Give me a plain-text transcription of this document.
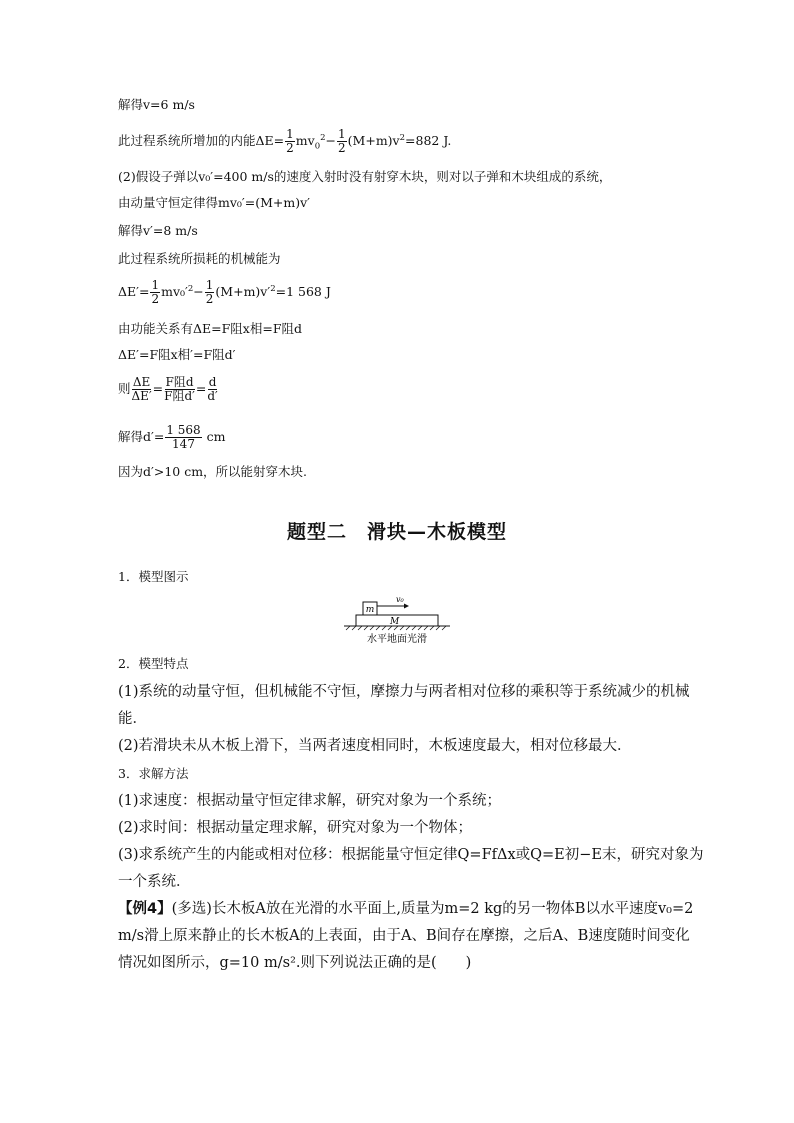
解得v=6 m/s
此过程系统所增加的内能$\Delta E= \frac{1}{2} mv_0^2- \frac{1}{2} (M+m)v^2=882$ J.
(2)假设子弹以v₀′=400 m/s的速度入射时没有射穿木块，则对以子弹和木块组成的系统，
由动量守恒定律得mv₀′=(M+m)v′
解得v′=8 m/s
此过程系统所损耗的机械能为
$\Delta E'= \frac{1}{2} mv_0'^2- \frac{1}{2} (M+m)v'^2=1$ 568 J
由功能关系有ΔE=F阻x相=F阻d
ΔE′=F阻x相′=F阻d′
则 $\frac{\Delta E}{\Delta E'} = \frac{\text{F阻d}}{\text{F阻d′}} = \frac{d}{d'}$
解得$d'= \frac{1 568}{147}$ cm
因为d′>10 cm，所以能射穿木块.
题型二　滑块—木板模型
1．模型图示
m
v₀
M
水平地面光滑
2．模型特点
(1)系统的动量守恒，但机械能不守恒，摩擦力与两者相对位移的乘积等于系统减少的机械
能．
(2)若滑块未从木板上滑下，当两者速度相同时，木板速度最大，相对位移最大．
3．求解方法
(1)求速度：根据动量守恒定律求解，研究对象为一个系统；
(2)求时间：根据动量定理求解，研究对象为一个物体；
(3)求系统产生的内能或相对位移：根据能量守恒定律Q=FfΔx或Q=E初−E末，研究对象为
一个系统．
【例4】(多选)长木板A放在光滑的水平面上,质量为m=2 kg的另一物体B以水平速度v₀=2
m/s滑上原来静止的长木板A的上表面，由于A、B间存在摩擦，之后A、B速度随时间变化
情况如图所示，g=10 m/s².则下列说法正确的是(　　)
